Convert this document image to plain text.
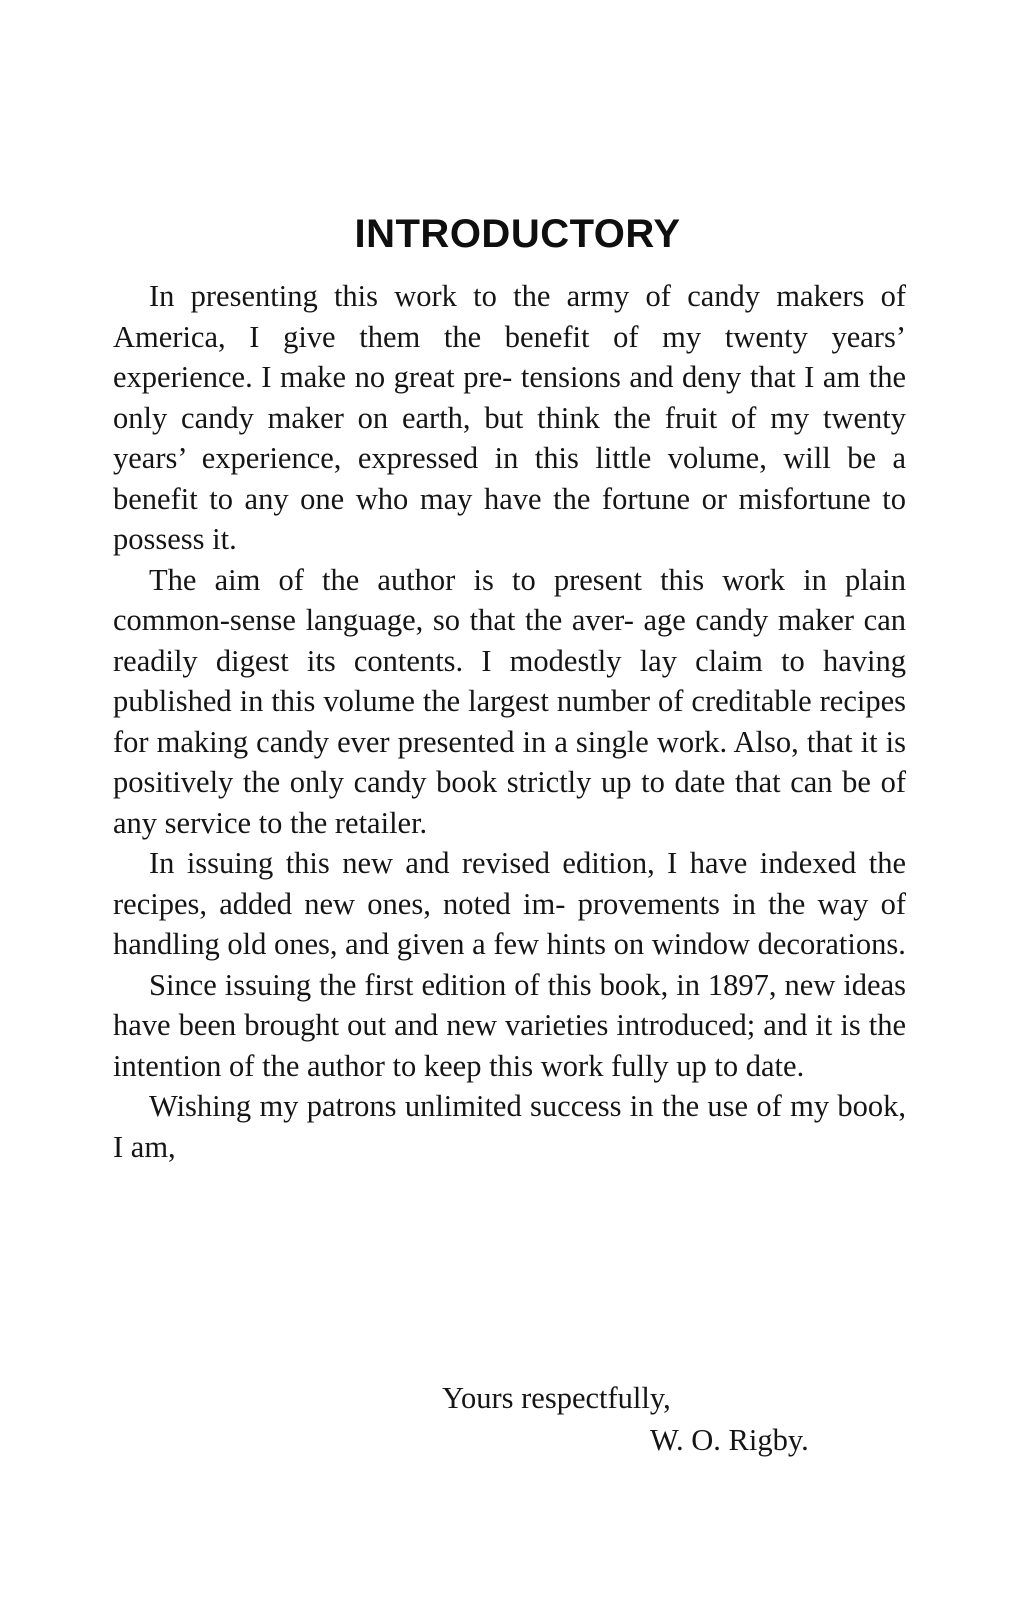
INTRODUCTORY

In presenting this work to the army of candy makers of America, I give them the benefit of my twenty years’ experience. I make no great pre- tensions and deny that I am the only candy maker on earth, but think the fruit of my twenty years’ experience, expressed in this little volume, will be a benefit to any one who may have the fortune or misfortune to possess it.

The aim of the author is to present this work in plain common-sense language, so that the aver- age candy maker can readily digest its contents. I modestly lay claim to having published in this volume the largest number of creditable recipes for making candy ever presented in a single work. Also, that it is positively the only candy book strictly up to date that can be of any service to the retailer.

In issuing this new and revised edition, I have indexed the recipes, added new ones, noted im- provements in the way of handling old ones, and given a few hints on window decorations.

Since issuing the first edition of this book, in 1897, new ideas have been brought out and new varieties introduced; and it is the intention of the author to keep this work fully up to date.

Wishing my patrons unlimited success in the use of my book, I am,

Yours respectfully,
W. O. Rigby.
